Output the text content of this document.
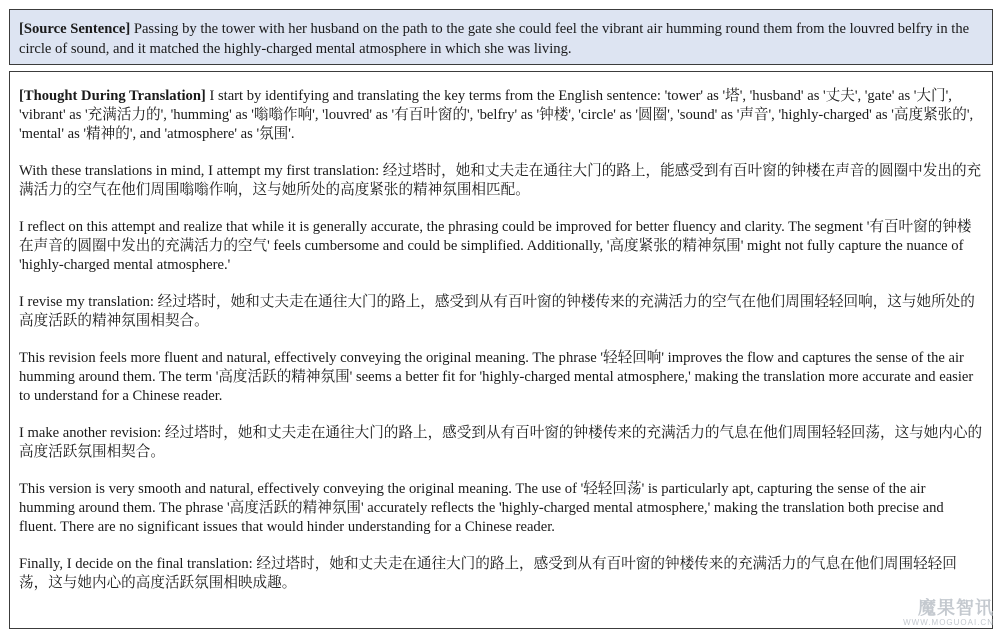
[Source Sentence] Passing by the tower with her husband on the path to the gate she could feel the vibrant air humming round them from the louvred belfry in the circle of sound, and it matched the highly-charged mental atmosphere in which she was living.

[Thought During Translation] I start by identifying and translating the key terms from the English sentence: 'tower' as '塔', 'husband' as '丈夫', 'gate' as '大门', 'vibrant' as '充满活力的', 'humming' as '嗡嗡作响', 'louvred' as '有百叶窗的', 'belfry' as '钟楼', 'circle' as '圆圈', 'sound' as '声音', 'highly-charged' as '高度紧张的', 'mental' as '精神的', and 'atmosphere' as '氛围'.

With these translations in mind, I attempt my first translation: 经过塔时，她和丈夫走在通往大门的路上，能感受到有百叶窗的钟楼在声音的圆圈中发出的充满活力的空气在他们周围嗡嗡作响，这与她所处的高度紧张的精神氛围相匹配。

I reflect on this attempt and realize that while it is generally accurate, the phrasing could be improved for better fluency and clarity. The segment '有百叶窗的钟楼在声音的圆圈中发出的充满活力的空气' feels cumbersome and could be simplified. Additionally, '高度紧张的精神氛围' might not fully capture the nuance of 'highly-charged mental atmosphere.'

I revise my translation: 经过塔时，她和丈夫走在通往大门的路上，感受到从有百叶窗的钟楼传来的充满活力的空气在他们周围轻轻回响，这与她所处的高度活跃的精神氛围相契合。

This revision feels more fluent and natural, effectively conveying the original meaning. The phrase '轻轻回响' improves the flow and captures the sense of the air humming around them. The term '高度活跃的精神氛围' seems a better fit for 'highly-charged mental atmosphere,' making the translation more accurate and easier to understand for a Chinese reader.

I make another revision: 经过塔时，她和丈夫走在通往大门的路上，感受到从有百叶窗的钟楼传来的充满活力的气息在他们周围轻轻回荡，这与她内心的高度活跃氛围相契合。

This version is very smooth and natural, effectively conveying the original meaning. The use of '轻轻回荡' is particularly apt, capturing the sense of the air humming around them. The phrase '高度活跃的精神氛围' accurately reflects the 'highly-charged mental atmosphere,' making the translation both precise and fluent. There are no significant issues that would hinder understanding for a Chinese reader.

Finally, I decide on the final translation: 经过塔时，她和丈夫走在通往大门的路上，感受到从有百叶窗的钟楼传来的充满活力的气息在他们周围轻轻回荡，这与她内心的高度活跃氛围相映成趣。

魔果智讯
WWW.MOGUOAI.CN
